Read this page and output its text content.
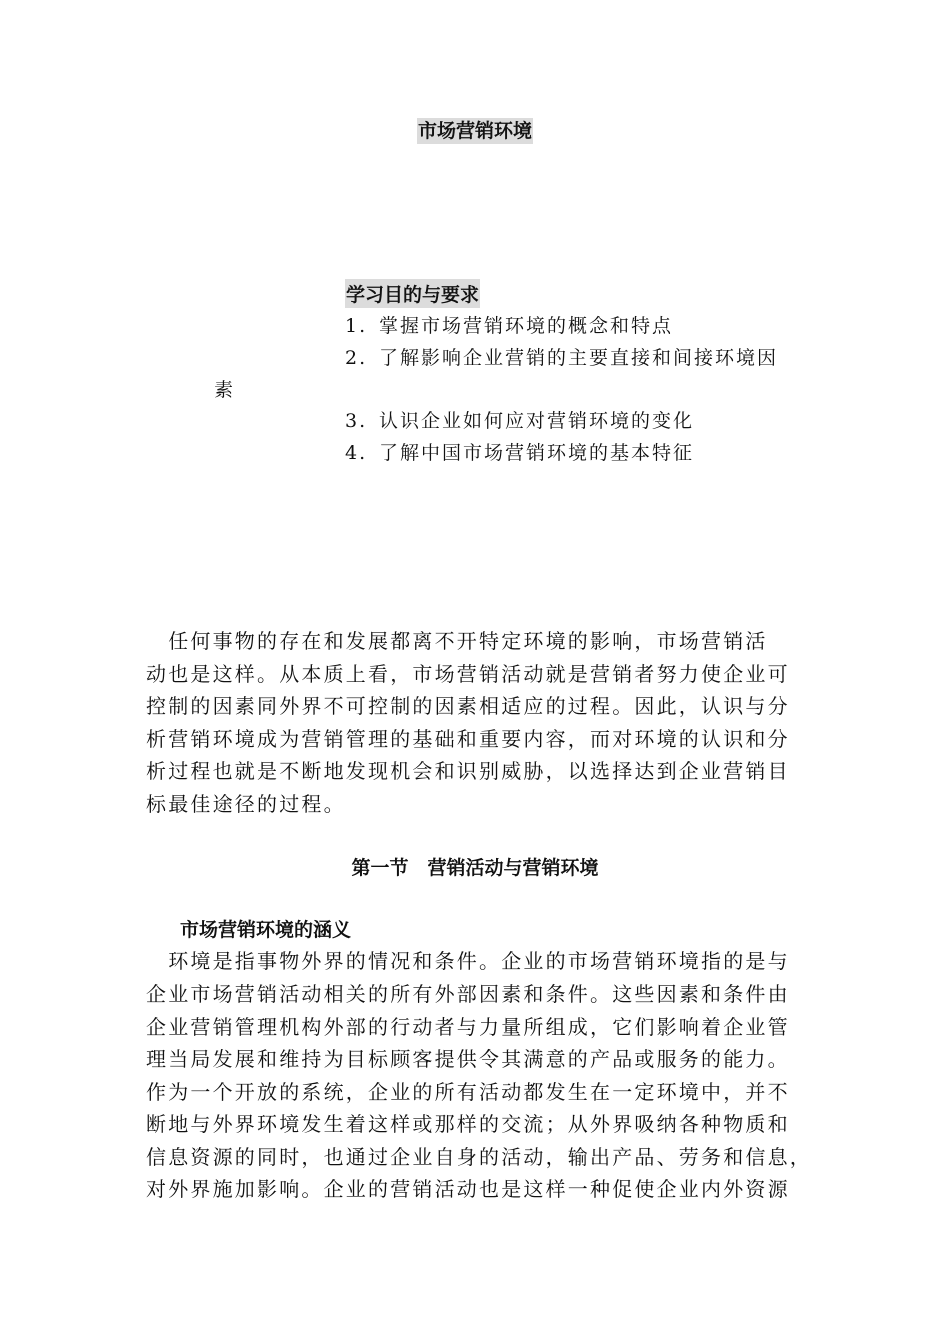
市场营销环境
学习目的与要求
1. 掌握市场营销环境的概念和特点
2. 了解影响企业营销的主要直接和间接环境因
素
3. 认识企业如何应对营销环境的变化
4. 了解中国市场营销环境的基本特征
　任何事物的存在和发展都离不开特定环境的影响，市场营销活
动也是这样。从本质上看，市场营销活动就是营销者努力使企业可
控制的因素同外界不可控制的因素相适应的过程。因此，认识与分
析营销环境成为营销管理的基础和重要内容，而对环境的认识和分
析过程也就是不断地发现机会和识别威胁，以选择达到企业营销目
标最佳途径的过程。
第一节　营销活动与营销环境
市场营销环境的涵义
　环境是指事物外界的情况和条件。企业的市场营销环境指的是与
企业市场营销活动相关的所有外部因素和条件。这些因素和条件由
企业营销管理机构外部的行动者与力量所组成，它们影响着企业管
理当局发展和维持为目标顾客提供令其满意的产品或服务的能力。
作为一个开放的系统，企业的所有活动都发生在一定环境中，并不
断地与外界环境发生着这样或那样的交流；从外界吸纳各种物质和
信息资源的同时，也通过企业自身的活动，输出产品、劳务和信息，
对外界施加影响。企业的营销活动也是这样一种促使企业内外资源
